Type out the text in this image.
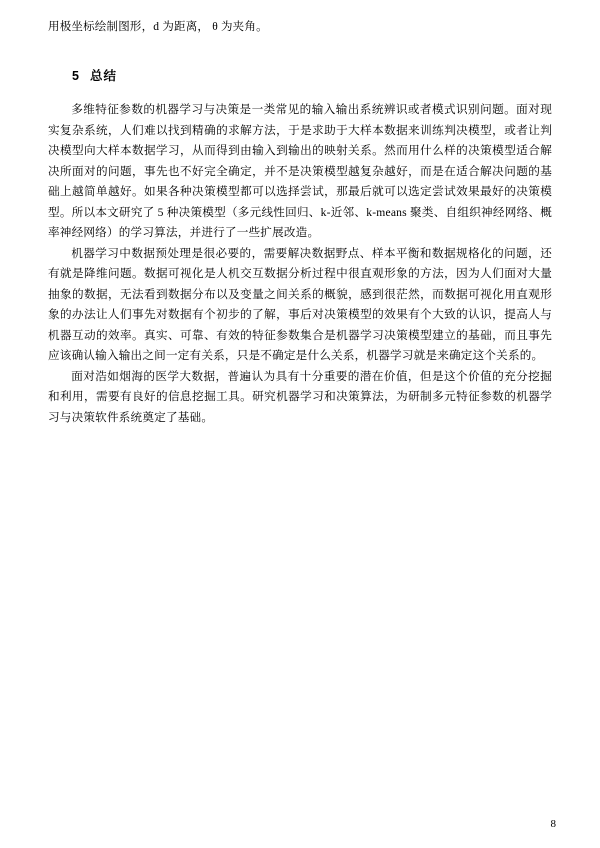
用极坐标绘制图形，d 为距离， θ 为夹角。
5 总结

多维特征参数的机器学习与决策是一类常见的输入输出系统辨识或者模式识别问题。面对现实复杂系统，人们难以找到精确的求解方法，于是求助于大样本数据来训练判决模型，或者让判决模型向大样本数据学习，从而得到由输入到输出的映射关系。然而用什么样的决策模型适合解决所面对的问题，事先也不好完全确定，并不是决策模型越复杂越好，而是在适合解决问题的基础上越简单越好。如果各种决策模型都可以选择尝试，那最后就可以选定尝试效果最好的决策模型。所以本文研究了 5 种决策模型（多元线性回归、k-近邻、k-means 聚类、自组织神经网络、概率神经网络）的学习算法，并进行了一些扩展改造。

机器学习中数据预处理是很必要的，需要解决数据野点、样本平衡和数据规格化的问题，还有就是降维问题。数据可视化是人机交互数据分析过程中很直观形象的方法，因为人们面对大量抽象的数据，无法看到数据分布以及变量之间关系的概貌，感到很茫然，而数据可视化用直观形象的办法让人们事先对数据有个初步的了解，事后对决策模型的效果有个大致的认识，提高人与机器互动的效率。真实、可靠、有效的特征参数集合是机器学习决策模型建立的基础，而且事先应该确认输入输出之间一定有关系，只是不确定是什么关系，机器学习就是来确定这个关系的。

面对浩如烟海的医学大数据，普遍认为具有十分重要的潜在价值，但是这个价值的充分挖掘和利用，需要有良好的信息挖掘工具。研究机器学习和决策算法，为研制多元特征参数的机器学习与决策软件系统奠定了基础。

8
